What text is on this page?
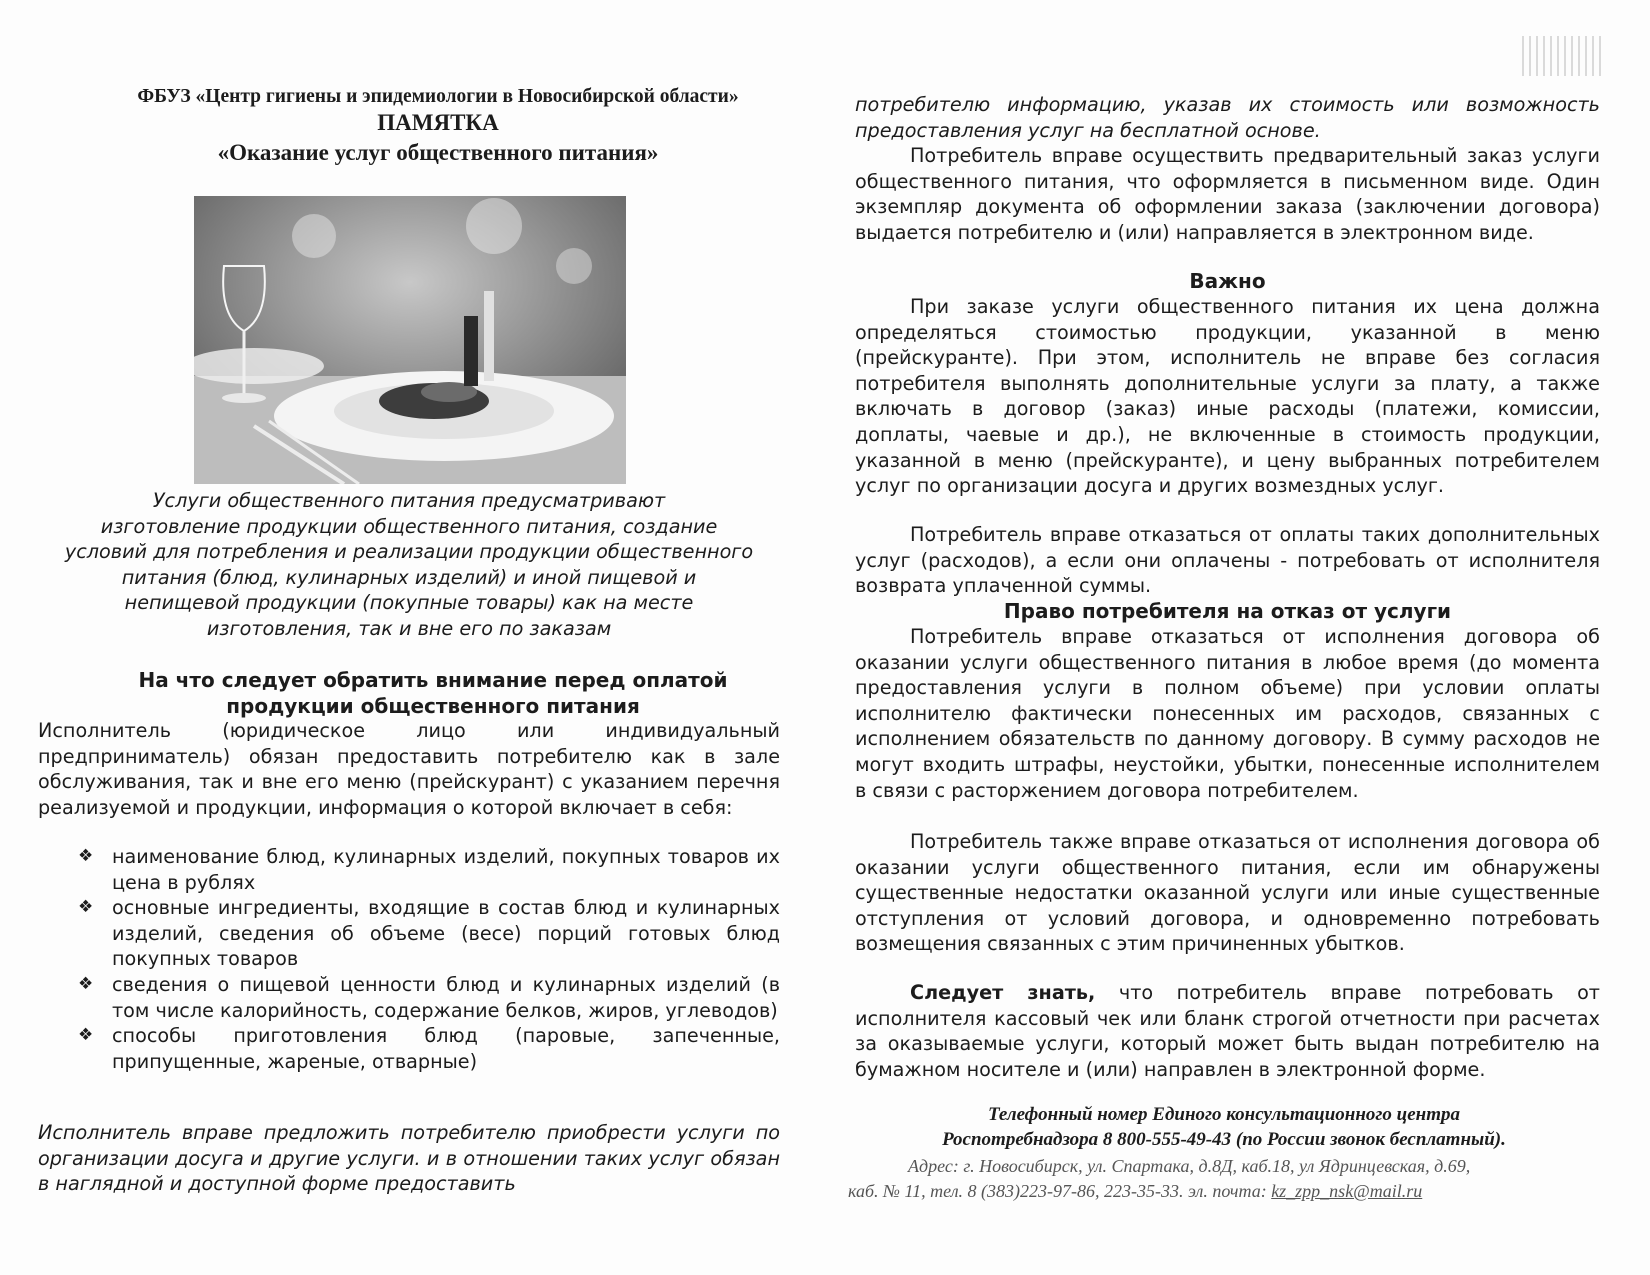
ФБУЗ «Центр гигиены и эпидемиологии в Новосибирской области»
ПАМЯТКА
«Оказание услуг общественного питания»
Услуги общественного питания предусматривают
изготовление продукции общественного питания, создание
условий для потребления и реализации продукции общественного
питания (блюд, кулинарных изделий) и иной пищевой и
непищевой продукции (покупные товары) как на месте
изготовления, так и вне его по заказам
На что следует обратить внимание перед оплатой
продукции общественного питания
Исполнитель (юридическое лицо или индивидуальный предприниматель) обязан предоставить потребителю как в зале обслуживания, так и вне его меню (прейскурант) с указанием перечня реализуемой и продукции, информация о которой включает в себя:
❖ наименование блюд, кулинарных изделий, покупных товаров их цена в рублях
❖ основные ингредиенты, входящие в состав блюд и кулинарных изделий, сведения об объеме (весе) порций готовых блюд покупных товаров
❖ сведения о пищевой ценности блюд и кулинарных изделий (в том числе калорийность, содержание белков, жиров, углеводов)
❖ способы приготовления блюд (паровые, запеченные, припущенные, жареные, отварные)
Исполнитель вправе предложить потребителю приобрести услуги по организации досуга и другие услуги. и в отношении таких услуг обязан в наглядной и доступной форме предоставить
потребителю информацию, указав их стоимость или возможность предоставления услуг на бесплатной основе.
Потребитель вправе осуществить предварительный заказ услуги общественного питания, что оформляется в письменном виде. Один экземпляр документа об оформлении заказа (заключении договора) выдается потребителю и (или) направляется в электронном виде.
Важно
При заказе услуги общественного питания их цена должна определяться стоимостью продукции, указанной в меню (прейскуранте). При этом, исполнитель не вправе без согласия потребителя выполнять дополнительные услуги за плату, а также включать в договор (заказ) иные расходы (платежи, комиссии, доплаты, чаевые и др.), не включенные в стоимость продукции, указанной в меню (прейскуранте), и цену выбранных потребителем услуг по организации досуга и других возмездных услуг.
Потребитель вправе отказаться от оплаты таких дополнительных услуг (расходов), а если они оплачены - потребовать от исполнителя возврата уплаченной суммы.
Право потребителя на отказ от услуги
Потребитель вправе отказаться от исполнения договора об оказании услуги общественного питания в любое время (до момента предоставления услуги в полном объеме) при условии оплаты исполнителю фактически понесенных им расходов, связанных с исполнением обязательств по данному договору. В сумму расходов не могут входить штрафы, неустойки, убытки, понесенные исполнителем в связи с расторжением договора потребителем.
Потребитель также вправе отказаться от исполнения договора об оказании услуги общественного питания, если им обнаружены существенные недостатки оказанной услуги или иные существенные отступления от условий договора, и одновременно потребовать возмещения связанных с этим причиненных убытков.
Следует знать, что потребитель вправе потребовать от исполнителя кассовый чек или бланк строгой отчетности при расчетах за оказываемые услуги, который может быть выдан потребителю на бумажном носителе и (или) направлен в электронной форме.
Телефонный номер Единого консультационного центра
Роспотребнадзора 8 800-555-49-43 (по России звонок бесплатный).
Адрес: г. Новосибирск, ул. Спартака, д.8Д, каб.18, ул Ядринцевская, д.69,
каб. № 11, тел. 8 (383)223-97-86, 223-35-33. эл. почта: kz_zpp_nsk@mail.ru
